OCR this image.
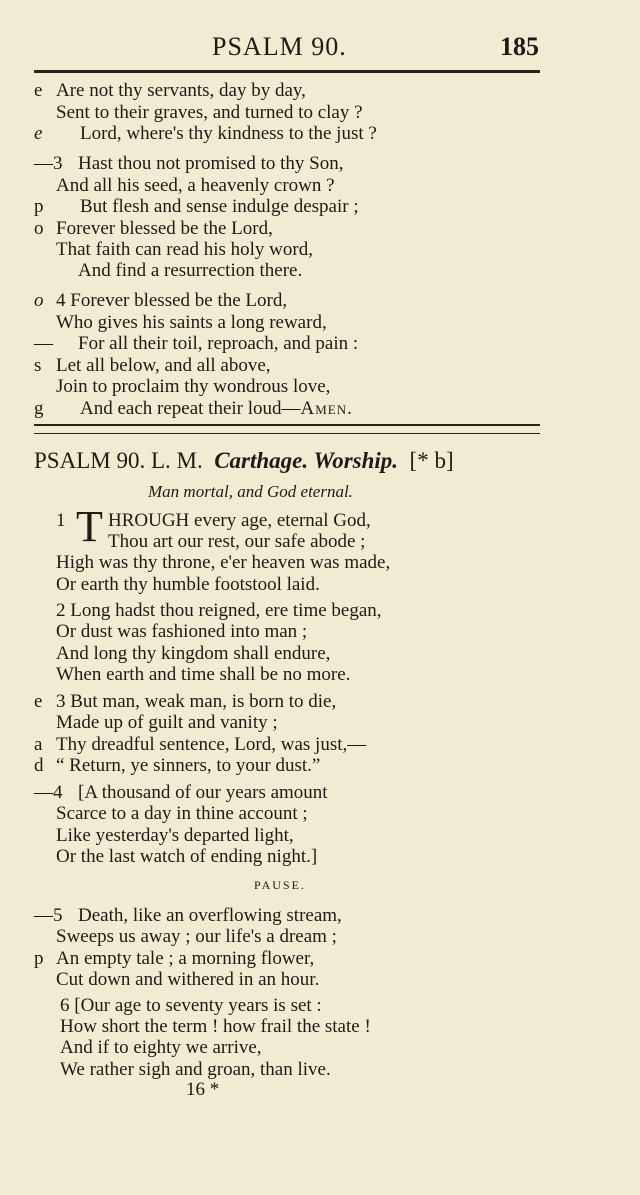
PSALM 90.	185
e Are not thy servants, day by day,
Sent to their graves, and turned to clay ?
e Lord, where's thy kindness to the just ?
—3 Hast thou not promised to thy Son,
And all his seed, a heavenly crown ?
p But flesh and sense indulge despair ;
o Forever blessed be the Lord,
That faith can read his holy word,
And find a resurrection there.
o 4 Forever blessed be the Lord,
Who gives his saints a long reward,
— For all their toil, reproach, and pain :
s Let all below, and all above,
Join to proclaim thy wondrous love,
g And each repeat their loud—Amen.
PSALM 90. L. M. Carthage. Worship. [* b]
Man mortal, and God eternal.
1 T HROUGH every age, eternal God,
Thou art our rest, our safe abode ;
High was thy throne, e'er heaven was made,
Or earth thy humble footstool laid.
2 Long hadst thou reigned, ere time began,
Or dust was fashioned into man ;
And long thy kingdom shall endure,
When earth and time shall be no more.
e 3 But man, weak man, is born to die,
Made up of guilt and vanity ;
a Thy dreadful sentence, Lord, was just,—
d “ Return, ye sinners, to your dust.”
—4 [A thousand of our years amount
Scarce to a day in thine account ;
Like yesterday's departed light,
Or the last watch of ending night.]
PAUSE.
—5 Death, like an overflowing stream,
Sweeps us away ; our life's a dream ;
p An empty tale ; a morning flower,
Cut down and withered in an hour.
6 [Our age to seventy years is set :
How short the term ! how frail the state !
And if to eighty we arrive,
We rather sigh and groan, than live.
16 *
